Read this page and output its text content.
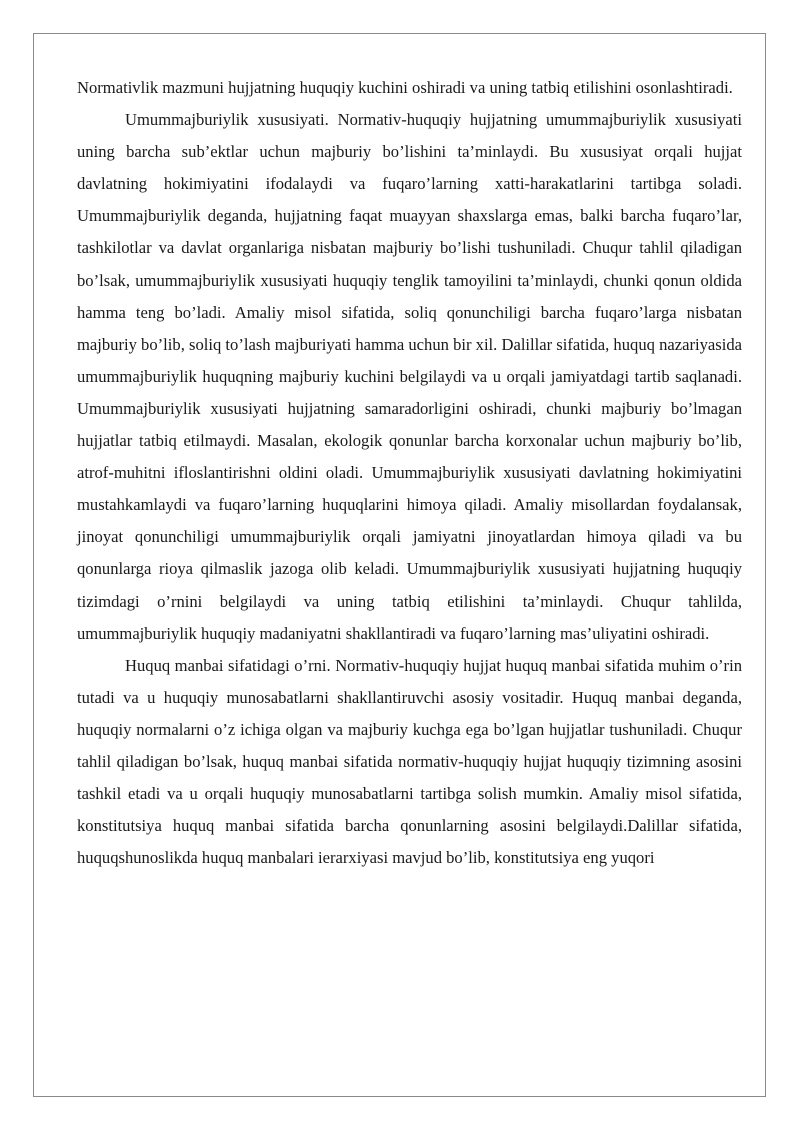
Normativlik mazmuni hujjatning huquqiy kuchini oshiradi va uning tatbiq etilishini osonlashtiradi.

Umummajburiylik xususiyati. Normativ-huquqiy hujjatning umummajburiylik xususiyati uning barcha sub’ektlar uchun majburiy bo’lishini ta’minlaydi. Bu xususiyat orqali hujjat davlatning hokimiyatini ifodalaydi va fuqaro’larning xatti-harakatlarini tartibga soladi. Umummajburiylik deganda, hujjatning faqat muayyan shaxslarga emas, balki barcha fuqaro’lar, tashkilotlar va davlat organlariga nisbatan majburiy bo’lishi tushuniladi. Chuqur tahlil qiladigan bo’lsak, umummajburiylik xususiyati huquqiy tenglik tamoyilini ta’minlaydi, chunki qonun oldida hamma teng bo’ladi. Amaliy misol sifatida, soliq qonunchiligi barcha fuqaro’larga nisbatan majburiy bo’lib, soliq to’lash majburiyati hamma uchun bir xil. Dalillar sifatida, huquq nazariyasida umummajburiylik huquqning majburiy kuchini belgilaydi va u orqali jamiyatdagi tartib saqlanadi. Umummajburiylik xususiyati hujjatning samaradorligini oshiradi, chunki majburiy bo’lmagan hujjatlar tatbiq etilmaydi. Masalan, ekologik qonunlar barcha korxonalar uchun majburiy bo’lib, atrof-muhitni ifloslantirishni oldini oladi. Umummajburiylik xususiyati davlatning hokimiyatini mustahkamlaydi va fuqaro’larning huquqlarini himoya qiladi. Amaliy misollardan foydalansak, jinoyat qonunchiligi umummajburiylik orqali jamiyatni jinoyatlardan himoya qiladi va bu qonunlarga rioya qilmaslik jazoga olib keladi. Umummajburiylik xususiyati hujjatning huquqiy tizimdagi o’rnini belgilaydi va uning tatbiq etilishini ta’minlaydi. Chuqur tahlilda, umummajburiylik huquqiy madaniyatni shakllantiradi va fuqaro’larning mas’uliyatini oshiradi.

Huquq manbai sifatidagi o’rni. Normativ-huquqiy hujjat huquq manbai sifatida muhim o’rin tutadi va u huquqiy munosabatlarni shakllantiruvchi asosiy vositadir. Huquq manbai deganda, huquqiy normalarni o’z ichiga olgan va majburiy kuchga ega bo’lgan hujjatlar tushuniladi. Chuqur tahlil qiladigan bo’lsak, huquq manbai sifatida normativ-huquqiy hujjat huquqiy tizimning asosini tashkil etadi va u orqali huquqiy munosabatlarni tartibga solish mumkin. Amaliy misol sifatida, konstitutsiya huquq manbai sifatida barcha qonunlarning asosini belgilaydi.Dalillar sifatida, huquqshunoslikda huquq manbalari ierarxiyasi mavjud bo’lib, konstitutsiya eng yuqori
